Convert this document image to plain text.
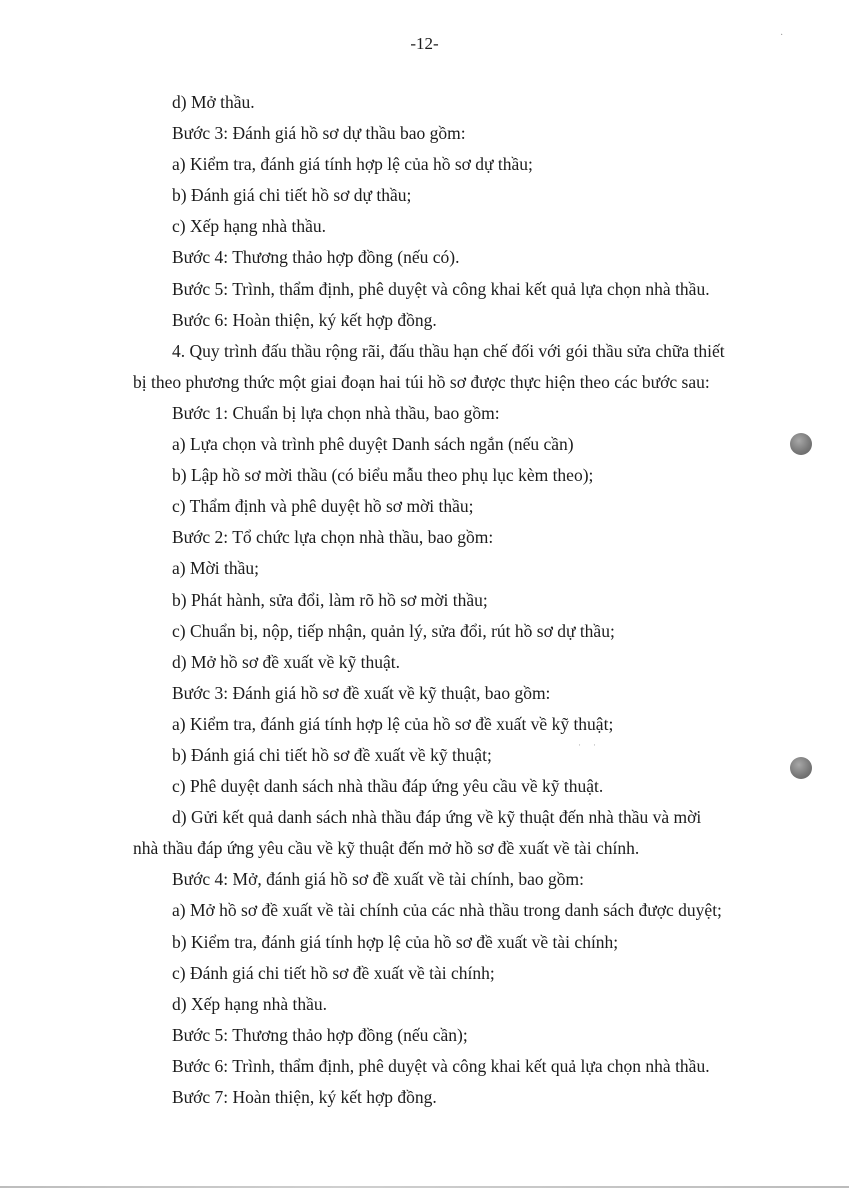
-12-	·
d) Mở thầu.
Bước 3: Đánh giá hồ sơ dự thầu bao gồm:
a) Kiểm tra, đánh giá tính hợp lệ của hồ sơ dự thầu;
b) Đánh giá chi tiết hồ sơ dự thầu;
c) Xếp hạng nhà thầu.
Bước 4: Thương thảo hợp đồng (nếu có).
Bước 5: Trình, thẩm định, phê duyệt và công khai kết quả lựa chọn nhà thầu.
Bước 6: Hoàn thiện, ký kết hợp đồng.
4. Quy trình đấu thầu rộng rãi, đấu thầu hạn chế đối với gói thầu sửa chữa thiết
bị theo phương thức một giai đoạn hai túi hồ sơ được thực hiện theo các bước sau:
Bước 1: Chuẩn bị lựa chọn nhà thầu, bao gồm:
a) Lựa chọn và trình phê duyệt Danh sách ngắn (nếu cần)
b) Lập hồ sơ mời thầu (có biểu mẫu theo phụ lục kèm theo);
c) Thẩm định và phê duyệt hồ sơ mời thầu;
Bước 2: Tổ chức lựa chọn nhà thầu, bao gồm:
a) Mời thầu;
b) Phát hành, sửa đổi, làm rõ hồ sơ mời thầu;
c) Chuẩn bị, nộp, tiếp nhận, quản lý, sửa đổi, rút hồ sơ dự thầu;
d) Mở hồ sơ đề xuất về kỹ thuật.
Bước 3: Đánh giá hồ sơ đề xuất về kỹ thuật, bao gồm:
a) Kiểm tra, đánh giá tính hợp lệ của hồ sơ đề xuất về kỹ thuật;
b) Đánh giá chi tiết hồ sơ đề xuất về kỹ thuật;
c) Phê duyệt danh sách nhà thầu đáp ứng yêu cầu về kỹ thuật.
d) Gửi kết quả danh sách nhà thầu đáp ứng về kỹ thuật đến nhà thầu và mời
nhà thầu đáp ứng yêu cầu về kỹ thuật đến mở hồ sơ đề xuất về tài chính.
Bước 4: Mở, đánh giá hồ sơ đề xuất về tài chính, bao gồm:
a) Mở hồ sơ đề xuất về tài chính của các nhà thầu trong danh sách được duyệt;
b) Kiểm tra, đánh giá tính hợp lệ của hồ sơ đề xuất về tài chính;
c) Đánh giá chi tiết hồ sơ đề xuất về tài chính;
d) Xếp hạng nhà thầu.
Bước 5: Thương thảo hợp đồng (nếu cần);
Bước 6: Trình, thẩm định, phê duyệt và công khai kết quả lựa chọn nhà thầu.
Bước 7: Hoàn thiện, ký kết hợp đồng.
··
